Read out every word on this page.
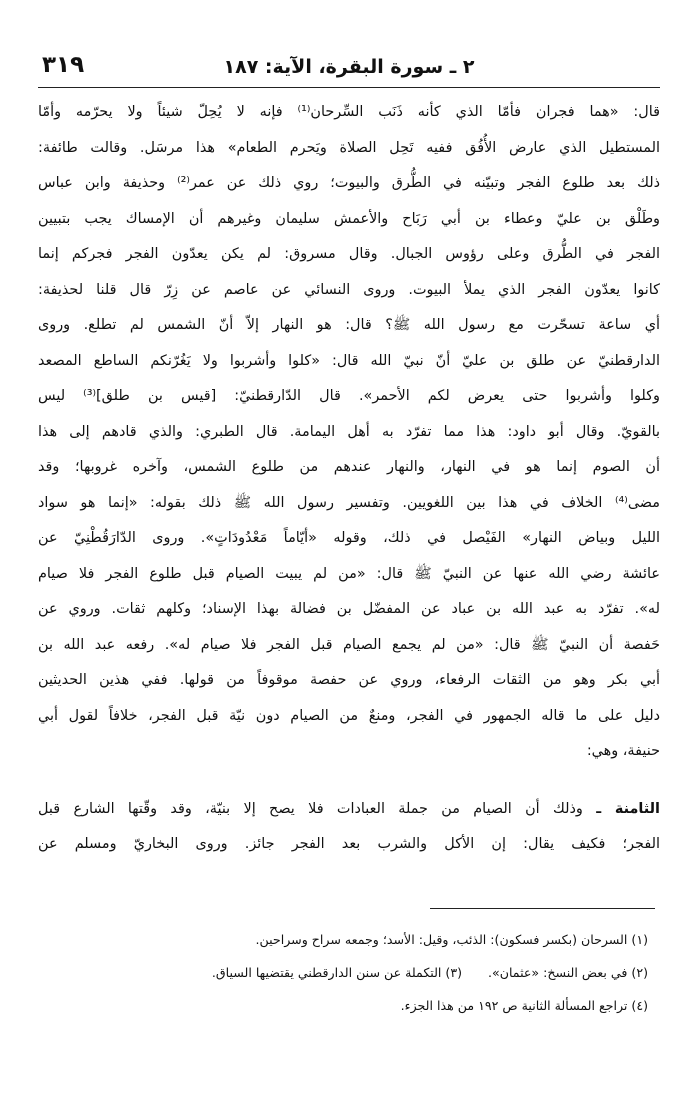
٢ ـ سورة البقرة، الآية: ١٨٧
٣١٩
قال: «هما فجران فأمّا الذي كأنه ذَنَب السِّرحان⁽¹⁾ فإنه لا يُحِلّ شيئاً ولا يحرّمه وأمّا
المستطيل الذي عارض الأُفُق ففيه تَحِل الصلاة ويَحرم الطعام» هذا مرسَل. وقالت طائفة:
ذلك بعد طلوع الفجر وتبيّنه في الطُّرق والبيوت؛ روي ذلك عن عمر⁽²⁾ وحذيفة وابن عباس
وطَلْق بن عليّ وعطاء بن أبي رَبَاح والأعمش سليمان وغيرهم أن الإمساك يجب بتبيين
الفجر في الطُّرق وعلى رؤوس الجبال. وقال مسروق: لم يكن يعدّون الفجر فجركم إنما
كانوا يعدّون الفجر الذي يملأ البيوت. وروى النسائي عن عاصم عن زِرّ قال قلنا لحذيفة:
أي ساعة تسحّرت مع رسول الله ﷺ؟ قال: هو النهار إلاّ أنّ الشمس لم تطلع. وروى
الدارقطنيّ عن طلق بن عليّ أنّ نبيّ الله قال: «كلوا وأشربوا ولا يَغُرّنكم الساطع المصعد
وكلوا وأشربوا حتى يعرض لكم الأحمر». قال الدّارقطنيّ: [قيس بن طلق]⁽³⁾ ليس
بالقويّ. وقال أبو داود: هذا مما تفرّد به أهل اليمامة. قال الطبري: والذي قادهم إلى هذا
أن الصوم إنما هو في النهار، والنهار عندهم من طلوع الشمس، وآخره غروبها؛ وقد
مضى⁽⁴⁾ الخلاف في هذا بين اللغويين. وتفسير رسول الله ﷺ ذلك بقوله: «إنما هو سواد
الليل وبياض النهار» الفَيْصل في ذلك، وقوله «أيّاماً مَعْدُودَاتٍ». وروى الدّارَقُطْنِيّ عن
عائشة رضي الله عنها عن النبيّ ﷺ قال: «من لم يبيت الصيام قبل طلوع الفجر فلا صيام
له». تفرّد به عبد الله بن عباد عن المفضّل بن فضالة بهذا الإسناد؛ وكلهم ثقات. وروي عن
حَفصة أن النبيّ ﷺ قال: «من لم يجمع الصيام قبل الفجر فلا صيام له». رفعه عبد الله بن
أبي بكر وهو من الثقات الرفعاء، وروي عن حفصة موقوفاً من قولها. ففي هذين الحديثين
دليل على ما قاله الجمهور في الفجر، ومنعٌ من الصيام دون نيّة قبل الفجر، خلافاً لقول أبي
حنيفة، وهي:
الثامنة ـ وذلك أن الصيام من جملة العبادات فلا يصح إلا بنيّة، وقد وقّتها الشارع قبل
الفجر؛ فكيف يقال: إن الأكل والشرب بعد الفجر جائز. وروى البخاريّ ومسلم عن
(١) السرحان (بكسر فسكون): الذئب، وقيل: الأسد؛ وجمعه سراح وسراحين.
(٢) في بعض النسخ: «عثمان».(٣) التكملة عن سنن الدارقطني يقتضيها السياق.
(٤) تراجع المسألة الثانية ص ١٩٢ من هذا الجزء.
